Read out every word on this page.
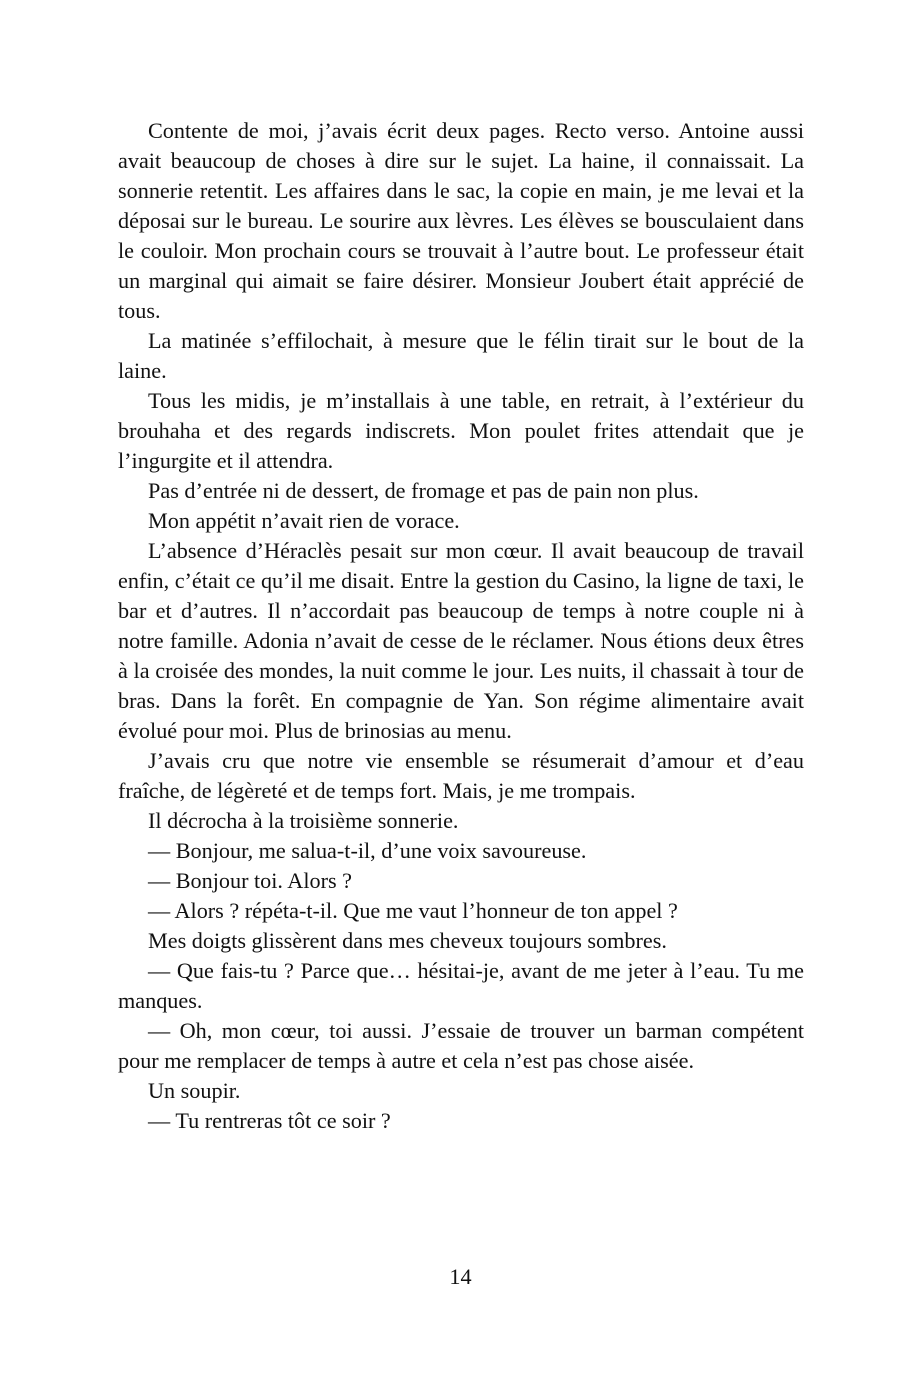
Contente de moi, j’avais écrit deux pages. Recto verso. Antoine aussi avait beaucoup de choses à dire sur le sujet. La haine, il connaissait. La sonnerie retentit. Les affaires dans le sac, la copie en main, je me levai et la déposai sur le bureau. Le sourire aux lèvres. Les élèves se bousculaient dans le couloir. Mon prochain cours se trouvait à l’autre bout. Le professeur était un marginal qui aimait se faire désirer. Monsieur Joubert était apprécié de tous.

La matinée s’effilochait, à mesure que le félin tirait sur le bout de la laine.

Tous les midis, je m’installais à une table, en retrait, à l’extérieur du brouhaha et des regards indiscrets. Mon poulet frites attendait que je l’ingurgite et il attendra.

Pas d’entrée ni de dessert, de fromage et pas de pain non plus.

Mon appétit n’avait rien de vorace.

L’absence d’Héraclès pesait sur mon cœur. Il avait beaucoup de travail enfin, c’était ce qu’il me disait. Entre la gestion du Casino, la ligne de taxi, le bar et d’autres. Il n’accordait pas beaucoup de temps à notre couple ni à notre famille. Adonia n’avait de cesse de le réclamer. Nous étions deux êtres à la croisée des mondes, la nuit comme le jour. Les nuits, il chassait à tour de bras. Dans la forêt. En compagnie de Yan. Son régime alimentaire avait évolué pour moi. Plus de brinosias au menu.

J’avais cru que notre vie ensemble se résumerait d’amour et d’eau fraîche, de légèreté et de temps fort. Mais, je me trompais.

Il décrocha à la troisième sonnerie.

— Bonjour, me salua-t-il, d’une voix savoureuse.

— Bonjour toi. Alors ?

— Alors ? répéta-t-il. Que me vaut l’honneur de ton appel ?

Mes doigts glissèrent dans mes cheveux toujours sombres.

— Que fais-tu ? Parce que… hésitai-je, avant de me jeter à l’eau. Tu me manques.

— Oh, mon cœur, toi aussi. J’essaie de trouver un barman compétent pour me remplacer de temps à autre et cela n’est pas chose aisée.

Un soupir.

— Tu rentreras tôt ce soir ?

14
